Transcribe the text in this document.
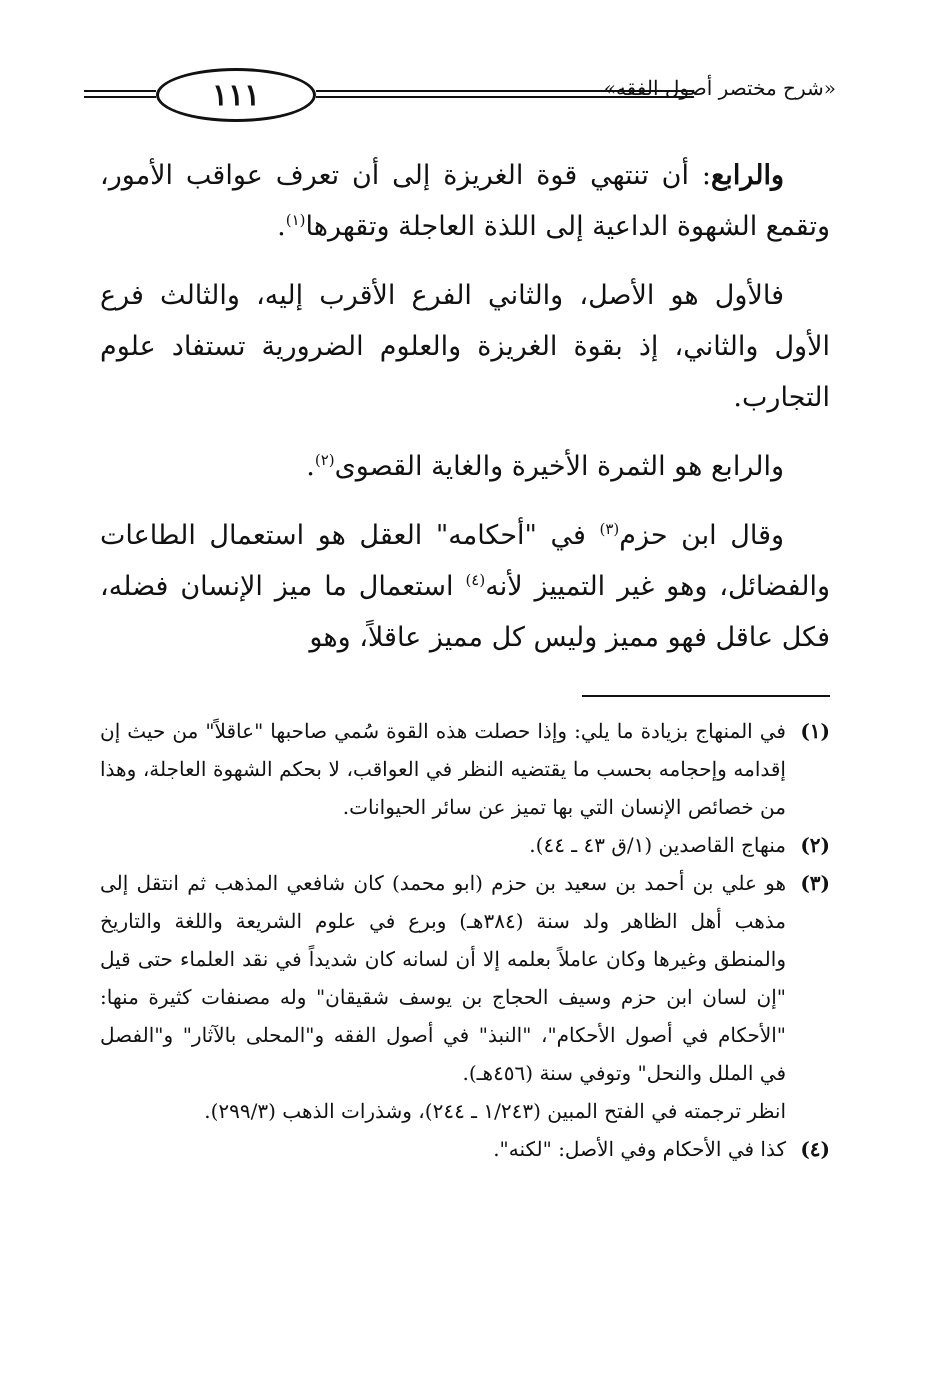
١١١	«شرح مختصر أصول الفقه»

والرابع: أن تنتهي قوة الغريزة إلى أن تعرف عواقب الأمور، وتقمع الشهوة الداعية إلى اللذة العاجلة وتقهرها$^{(١)}$.

فالأول هو الأصل، والثاني الفرع الأقرب إليه، والثالث فرع الأول والثاني، إذ بقوة الغريزة والعلوم الضرورية تستفاد علوم التجارب.

والرابع هو الثمرة الأخيرة والغاية القصوى$^{(٢)}$.

وقال ابن حزم$^{(٣)}$ في "أحكامه" العقل هو استعمال الطاعات والفضائل، وهو غير التمييز لأنه$^{(٤)}$ استعمال ما ميز الإنسان فضله، فكل عاقل فهو مميز وليس كل مميز عاقلاً، وهو

(١)

في المنهاج بزيادة ما يلي: وإذا حصلت هذه القوة سُمي صاحبها "عاقلاً" من حيث إن إقدامه وإحجامه بحسب ما يقتضيه النظر في العواقب، لا بحكم الشهوة العاجلة، وهذا من خصائص الإنسان التي بها تميز عن سائر الحيوانات.

(٢)

منهاج القاصدين (١/ق ٤٣ ـ ٤٤).

(٣)

هو علي بن أحمد بن سعيد بن حزم (ابو محمد) كان شافعي المذهب ثم انتقل إلى مذهب أهل الظاهر ولد سنة (٣٨٤هـ) وبرع في علوم الشريعة واللغة والتاريخ والمنطق وغيرها وكان عاملاً بعلمه إلا أن لسانه كان شديداً في نقد العلماء حتى قيل "إن لسان ابن حزم وسيف الحجاج بن يوسف شقيقان" وله مصنفات كثيرة منها: "الأحكام في أصول الأحكام"، "النبذ" في أصول الفقه و"المحلى بالآثار" و"الفصل في الملل والنحل" وتوفي سنة (٤٥٦هـ).

انظر ترجمته في الفتح المبين (١/٢٤٣ ـ ٢٤٤)، وشذرات الذهب (٢٩٩/٣).

(٤)

كذا في الأحكام وفي الأصل: "لكنه".
